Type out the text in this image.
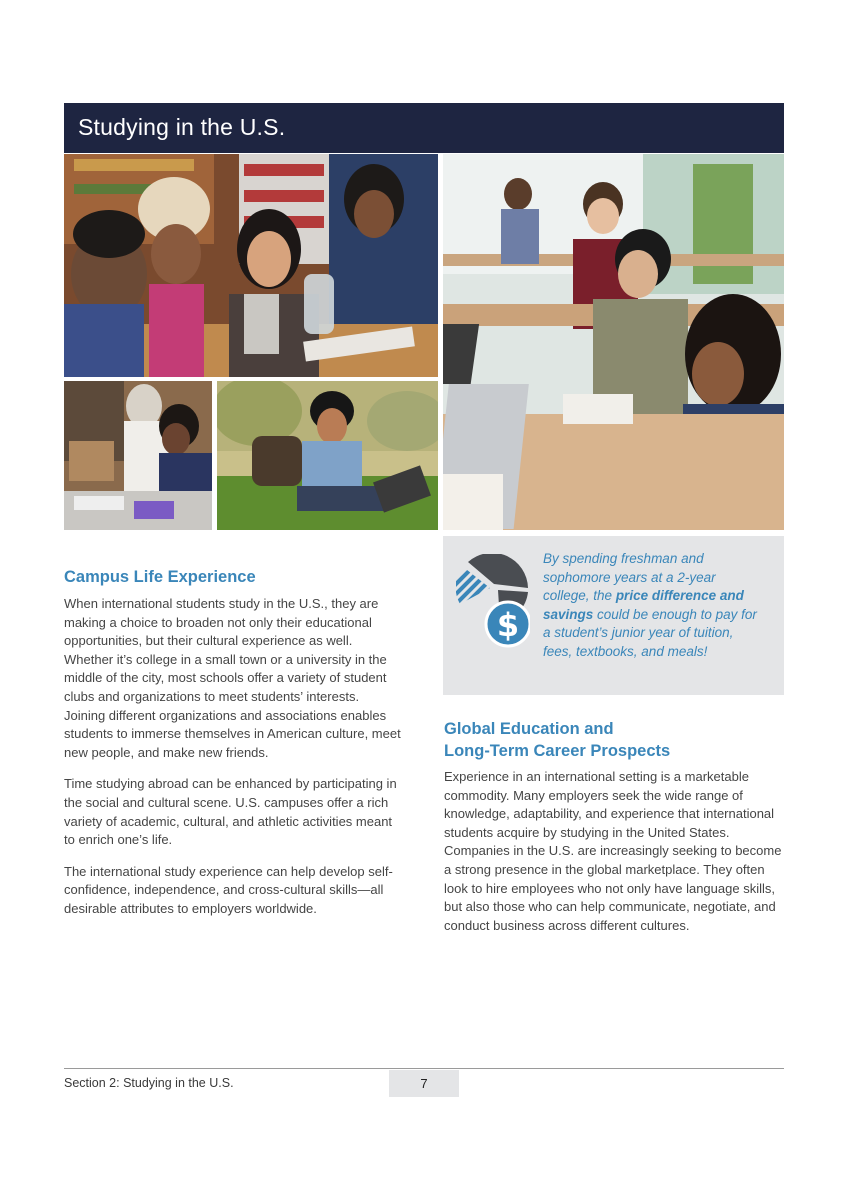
Studying in the U.S.
Campus Life Experience

When international students study in the U.S., they are making a choice to broaden not only their educational opportunities, but their cultural experience as well. Whether it’s college in a small town or a university in the middle of the city, most schools offer a variety of student clubs and organizations to meet students’ interests. Joining different organizations and associations enables students to immerse themselves in American culture, meet new people, and make new friends.

Time studying abroad can be enhanced by participating in the social and cultural scene. U.S. campuses offer a rich variety of academic, cultural, and athletic activities meant to enrich one’s life.

The international study experience can help develop self-confidence, independence, and cross-cultural skills—all desirable attributes to employers worldwide.

$
By spending freshman and sophomore years at a 2-year college, the price difference and savings could be enough to pay for a student’s junior year of tuition, fees, textbooks, and meals!
Global Education and
Long-Term Career Prospects

Experience in an international setting is a marketable commodity. Many employers seek the wide range of knowledge, adaptability, and experience that international students acquire by studying in the United States. Companies in the U.S. are increasingly seeking to become a strong presence in the global marketplace. They often look to hire employees who not only have language skills, but also those who can help communicate, negotiate, and conduct business across different cultures.

Section 2: Studying in the U.S.	7
